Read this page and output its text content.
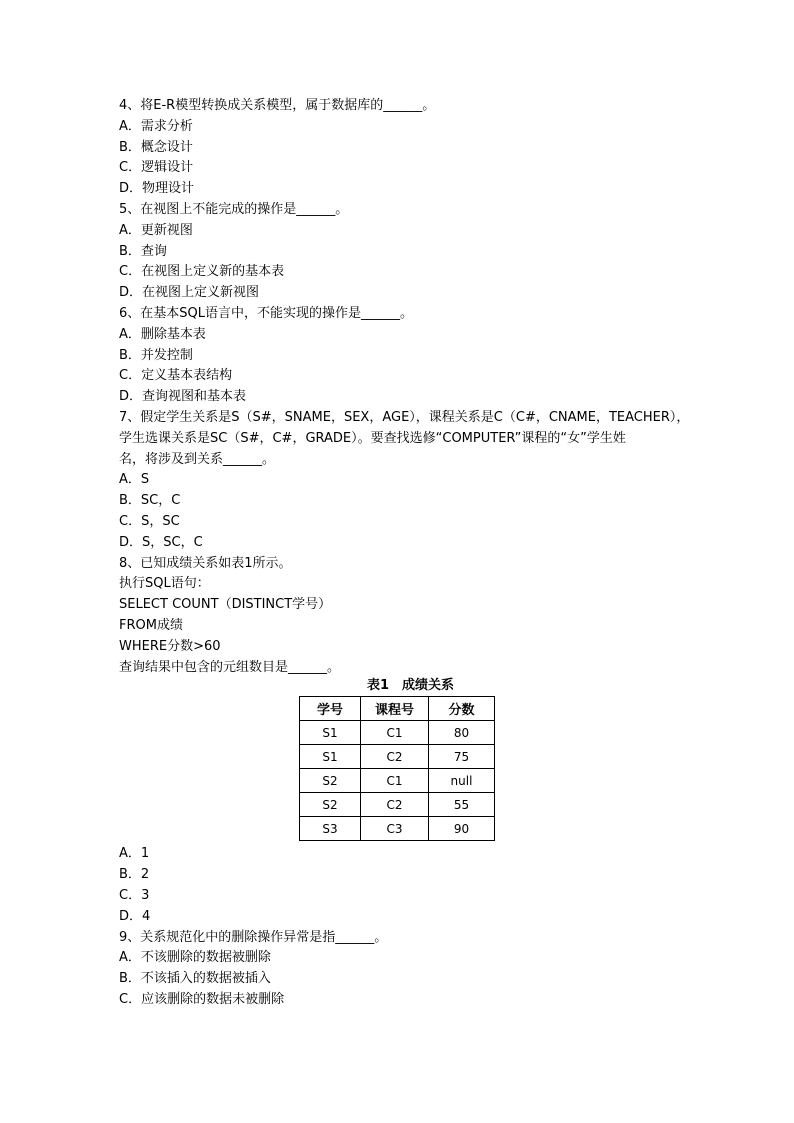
4、将E-R模型转换成关系模型，属于数据库的______。
A．需求分析
B．概念设计
C．逻辑设计
D．物理设计
5、在视图上不能完成的操作是______。
A．更新视图
B．查询
C．在视图上定义新的基本表
D．在视图上定义新视图
6、在基本SQL语言中，不能实现的操作是______。
A．删除基本表
B．并发控制
C．定义基本表结构
D．查询视图和基本表
7、假定学生关系是S（S#，SNAME，SEX，AGE），课程关系是C（C#，CNAME，TEACHER），
学生选课关系是SC（S#，C#，GRADE）。要查找选修“COMPUTER”课程的“女”学生姓
名，将涉及到关系______。
A．S
B．SC，C
C．S，SC
D．S，SC，C
8、已知成绩关系如表1所示。
执行SQL语句：
SELECT COUNT（DISTINCT学号）
FROM成绩
WHERE分数>60
查询结果中包含的元组数目是______。
表1　成绩关系
学号	课程号	分数
S1	C1	80
S1	C2	75
S2	C1	null
S2	C2	55
S3	C3	90
A．1
B．2
C．3
D．4
9、关系规范化中的删除操作异常是指______。
A．不该删除的数据被删除
B．不该插入的数据被插入
C．应该删除的数据未被删除
